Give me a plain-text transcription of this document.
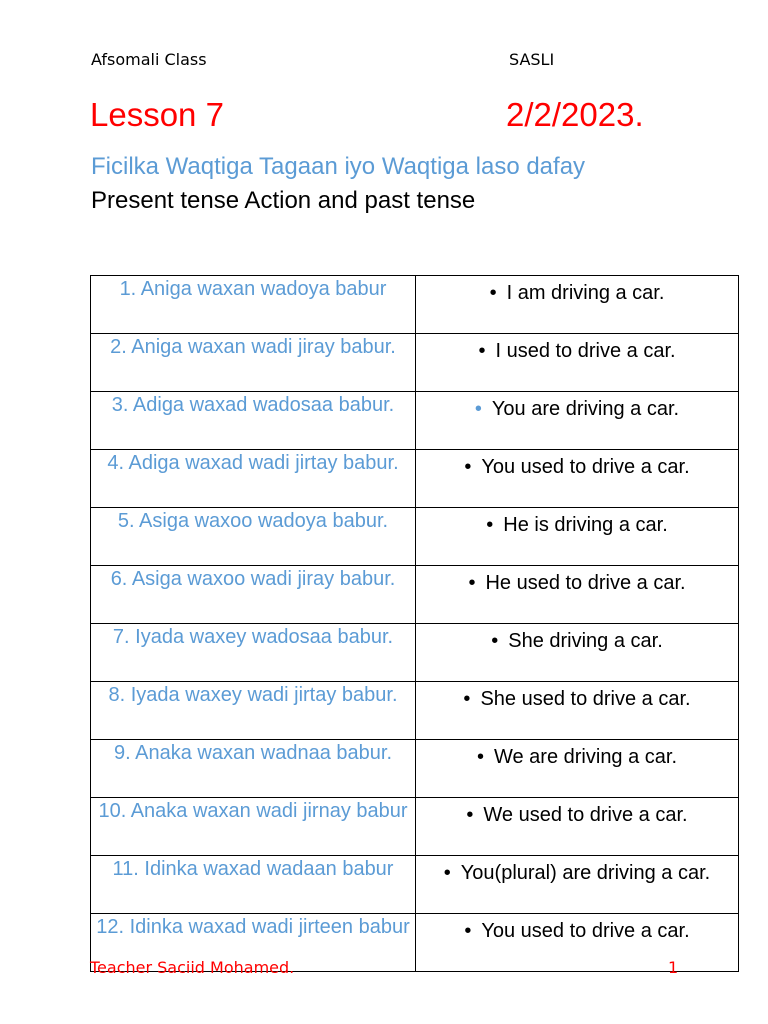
Afsomali Class	SASLI
Lesson 7	2/2/2023.
Ficilka Waqtiga Tagaan iyo Waqtiga laso dafay
Present tense Action and past tense
1. Aniga waxan wadoya babur	• I am driving a car.
2. Aniga waxan wadi jiray babur.	• I used to drive a car.
3. Adiga waxad wadosaa babur.	• You are driving a car.
4. Adiga waxad wadi jirtay babur.	• You used to drive a car.
5. Asiga waxoo wadoya babur.	• He is driving a car.
6. Asiga waxoo wadi jiray babur.	• He used to drive a car.
7. Iyada waxey wadosaa babur.	• She driving a car.
8. Iyada waxey wadi jirtay babur.	• She used to drive a car.
9. Anaka waxan wadnaa babur.	• We are driving a car.
10. Anaka waxan wadi jirnay babur	• We used to drive a car.
11. Idinka waxad wadaan babur	• You(plural) are driving a car.
12. Idinka waxad wadi jirteen babur	• You used to drive a car.
Teacher Saciid Mohamed.	1
